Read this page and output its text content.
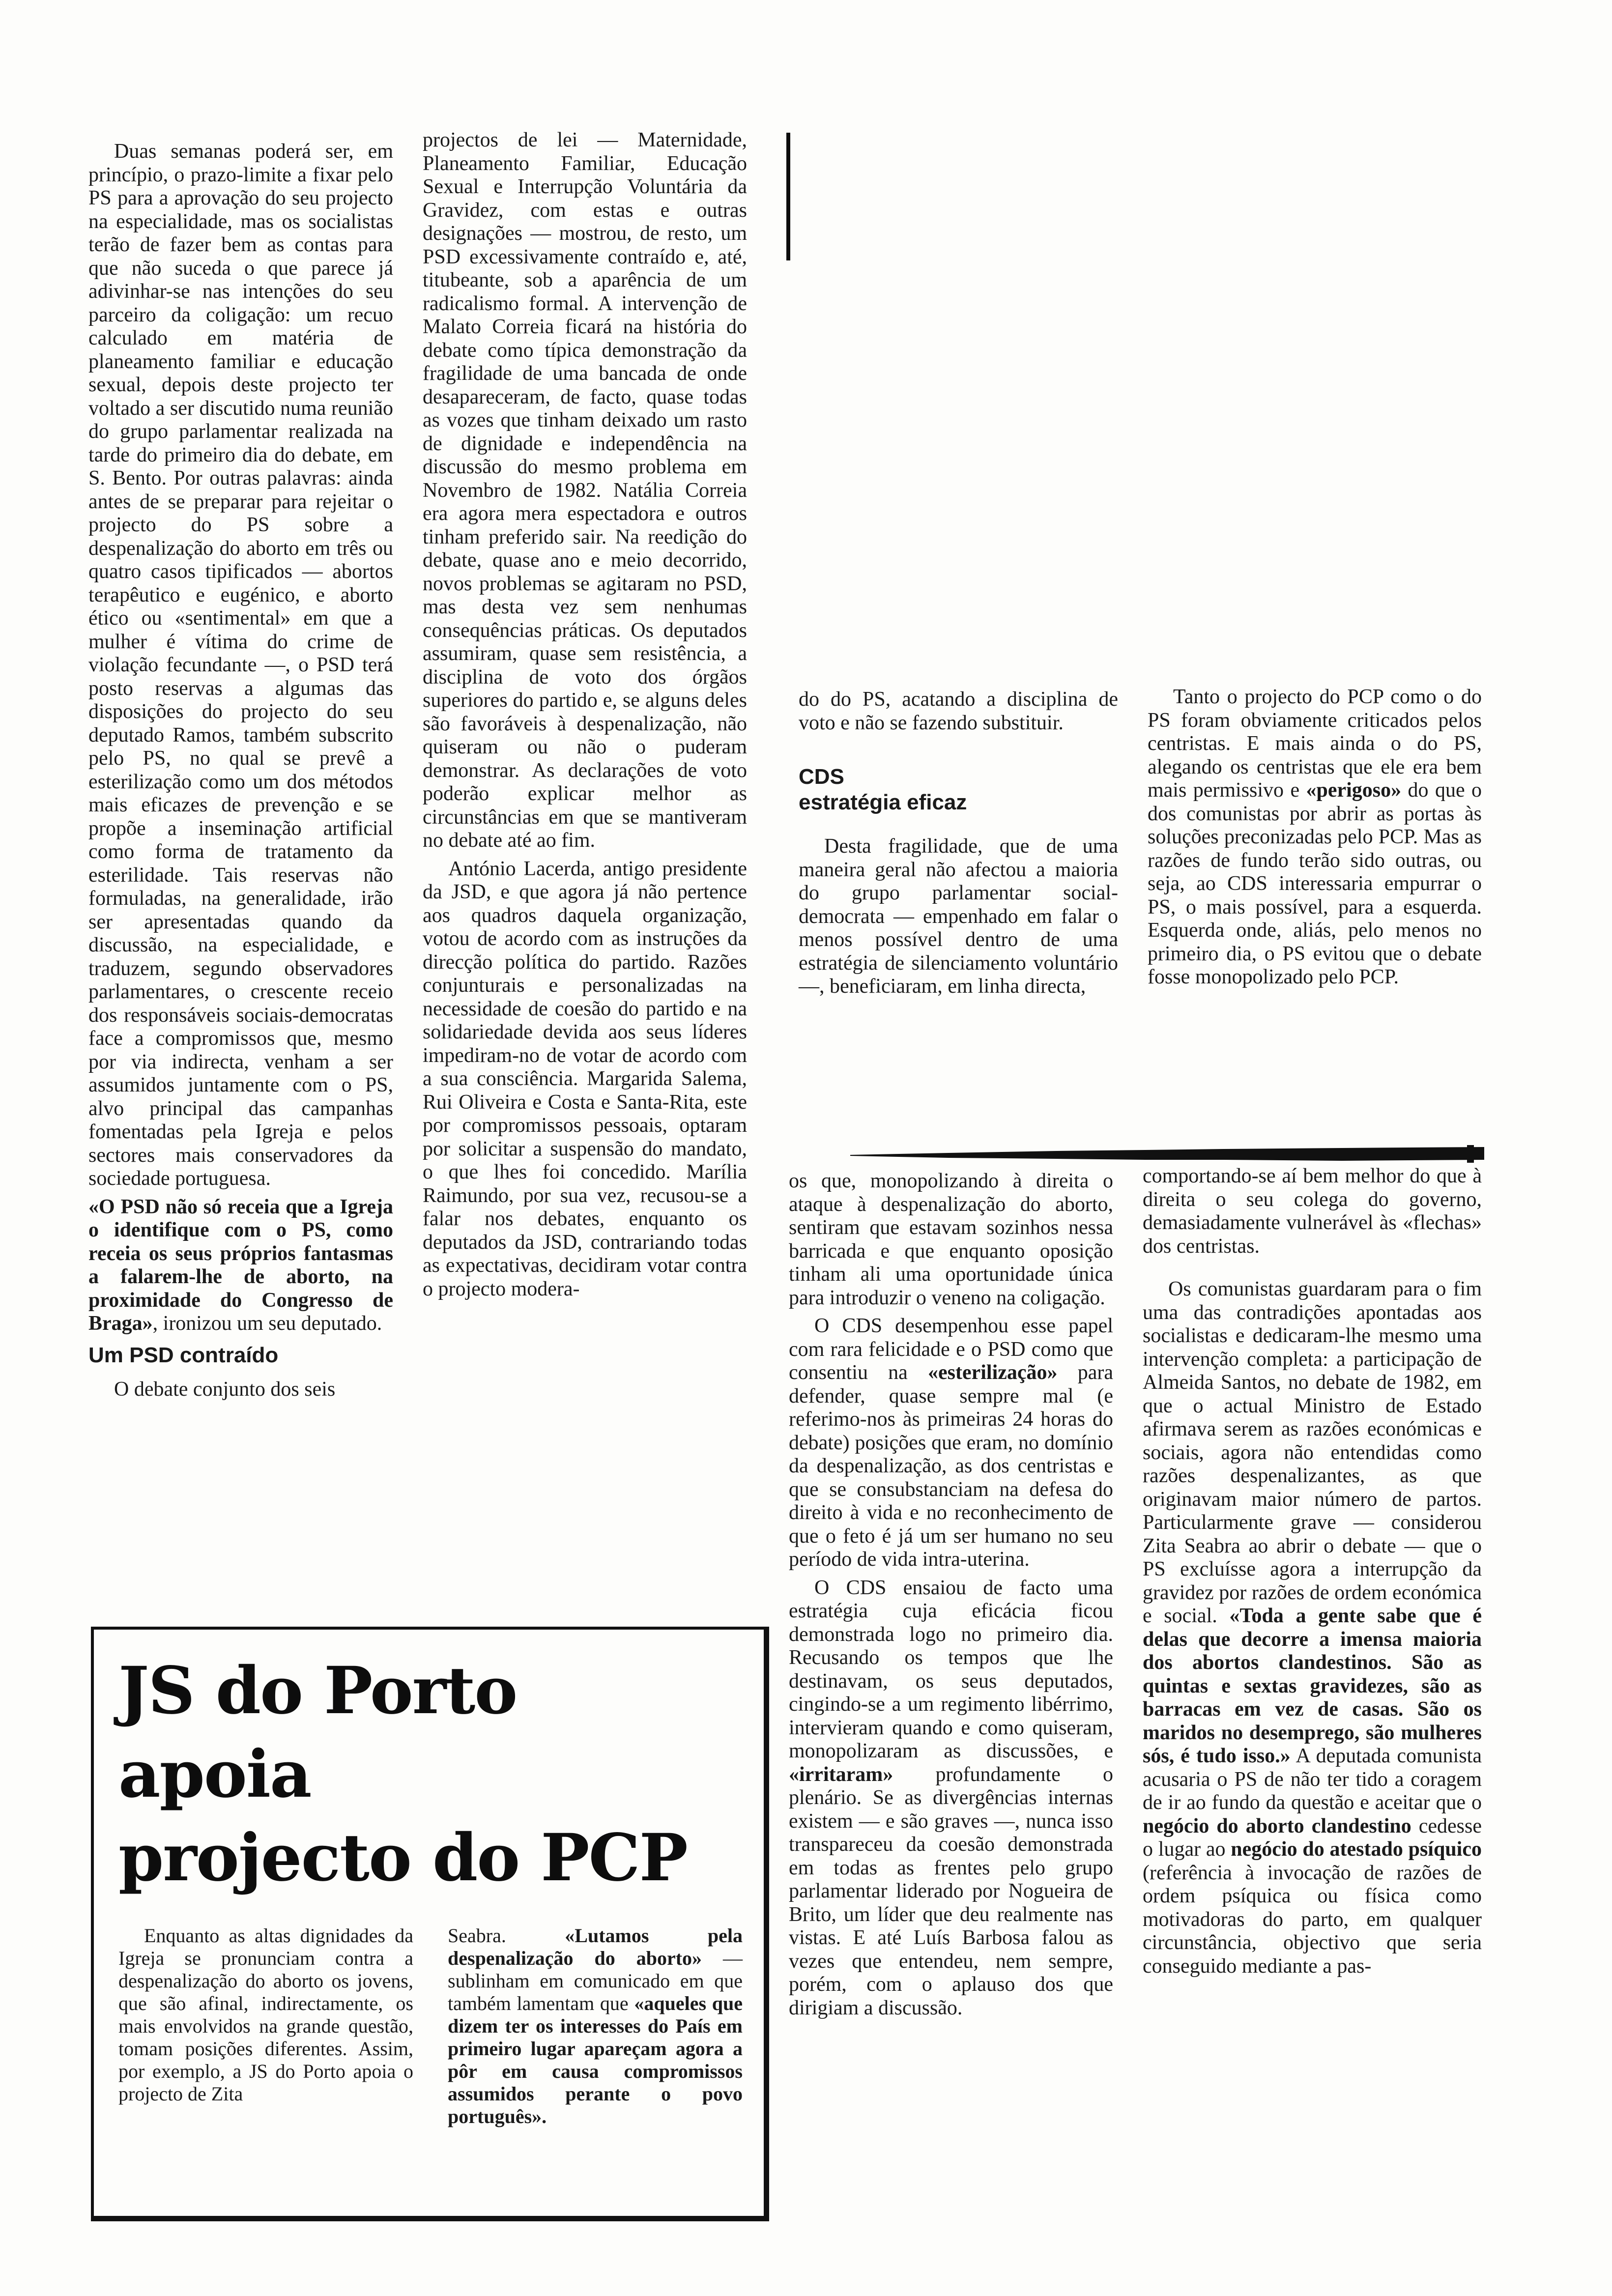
Duas semanas poderá ser, em princípio, o prazo-limite a fixar pelo PS para a aprovação do seu projecto na especialidade, mas os socialistas terão de fazer bem as contas para que não suceda o que parece já adivinhar-se nas intenções do seu parceiro da coligação: um recuo calculado em matéria de planeamento familiar e educação sexual, depois deste projecto ter voltado a ser discutido numa reunião do grupo parlamentar realizada na tarde do primeiro dia do debate, em S. Bento. Por outras palavras: ainda antes de se preparar para rejeitar o projecto do PS sobre a despenalização do aborto em três ou quatro casos tipificados — abortos terapêutico e eugénico, e aborto ético ou «sentimental» em que a mulher é vítima do crime de violação fecundante —, o PSD terá posto reservas a algumas das disposições do projecto do seu deputado Ramos, também subscrito pelo PS, no qual se prevê a esterilização como um dos métodos mais eficazes de prevenção e se propõe a inseminação artificial como forma de tratamento da esterilidade. Tais reservas não formuladas, na generalidade, irão ser apresentadas quando da discussão, na especialidade, e traduzem, segundo observadores parlamentares, o crescente receio dos responsáveis sociais-democratas face a compromissos que, mesmo por via indirecta, venham a ser assumidos juntamente com o PS, alvo principal das campanhas fomentadas pela Igreja e pelos sectores mais conservadores da sociedade portuguesa.

«O PSD não só receia que a Igreja o identifique com o PS, como receia os seus próprios fantasmas a falarem-lhe de aborto, na proximidade do Congresso de Braga», ironizou um seu deputado.

Um PSD contraído

O debate conjunto dos seis

projectos de lei — Maternidade, Planeamento Familiar, Educação Sexual e Interrupção Voluntária da Gravidez, com estas e outras designações — mostrou, de resto, um PSD excessivamente contraído e, até, titubeante, sob a aparência de um radicalismo formal. A intervenção de Malato Correia ficará na história do debate como típica demonstração da fragilidade de uma bancada de onde desapareceram, de facto, quase todas as vozes que tinham deixado um rasto de dignidade e independência na discussão do mesmo problema em Novembro de 1982. Natália Correia era agora mera espectadora e outros tinham preferido sair. Na reedição do debate, quase ano e meio decorrido, novos problemas se agitaram no PSD, mas desta vez sem nenhumas consequências práticas. Os deputados assumiram, quase sem resistência, a disciplina de voto dos órgãos superiores do partido e, se alguns deles são favoráveis à despenalização, não quiseram ou não o puderam demonstrar. As declarações de voto poderão explicar melhor as circunstâncias em que se mantiveram no debate até ao fim.

António Lacerda, antigo presidente da JSD, e que agora já não pertence aos quadros daquela organização, votou de acordo com as instruções da direcção política do partido. Razões conjunturais e personalizadas na necessidade de coesão do partido e na solidariedade devida aos seus líderes impediram-no de votar de acordo com a sua consciência. Margarida Salema, Rui Oliveira e Costa e Santa-Rita, este por compromissos pessoais, optaram por solicitar a suspensão do mandato, o que lhes foi concedido. Marília Raimundo, por sua vez, recusou-se a falar nos debates, enquanto os deputados da JSD, contrariando todas as expectativas, decidiram votar contra o projecto modera-

do do PS, acatando a disciplina de voto e não se fazendo substituir.

CDS
estratégia eficaz

Desta fragilidade, que de uma maneira geral não afectou a maioria do grupo parlamentar social-democrata — empenhado em falar o menos possível dentro de uma estratégia de silenciamento voluntário —, beneficiaram, em linha directa,

Tanto o projecto do PCP como o do PS foram obviamente criticados pelos centristas. E mais ainda o do PS, alegando os centristas que ele era bem mais permissivo e «perigoso» do que o dos comunistas por abrir as portas às soluções preconizadas pelo PCP. Mas as razões de fundo terão sido outras, ou seja, ao CDS interessaria empurrar o PS, o mais possível, para a esquerda. Esquerda onde, aliás, pelo menos no primeiro dia, o PS evitou que o debate fosse monopolizado pelo PCP.

os que, monopolizando à direita o ataque à despenalização do aborto, sentiram que estavam sozinhos nessa barricada e que enquanto oposição tinham ali uma oportunidade única para introduzir o veneno na coligação.

O CDS desempenhou esse papel com rara felicidade e o PSD como que consentiu na «esterilização» para defender, quase sempre mal (e referimo-nos às primeiras 24 horas do debate) posições que eram, no domínio da despenalização, as dos centristas e que se consubstanciam na defesa do direito à vida e no reconhecimento de que o feto é já um ser humano no seu período de vida intra-uterina.

O CDS ensaiou de facto uma estratégia cuja eficácia ficou demonstrada logo no primeiro dia. Recusando os tempos que lhe destinavam, os seus deputados, cingindo-se a um regimento libérrimo, intervieram quando e como quiseram, monopolizaram as discussões, e «irritaram» profundamente o plenário. Se as divergências internas existem — e são graves —, nunca isso transpareceu da coesão demonstrada em todas as frentes pelo grupo parlamentar liderado por Nogueira de Brito, um líder que deu realmente nas vistas. E até Luís Barbosa falou as vezes que entendeu, nem sempre, porém, com o aplauso dos que dirigiam a discussão.

comportando-se aí bem melhor do que à direita o seu colega do governo, demasiadamente vulnerável às «flechas» dos centristas.

Os comunistas guardaram para o fim uma das contradições apontadas aos socialistas e dedicaram-lhe mesmo uma intervenção completa: a participação de Almeida Santos, no debate de 1982, em que o actual Ministro de Estado afirmava serem as razões económicas e sociais, agora não entendidas como razões despenalizantes, as que originavam maior número de partos. Particularmente grave — considerou Zita Seabra ao abrir o debate — que o PS excluísse agora a interrupção da gravidez por razões de ordem económica e social. «Toda a gente sabe que é delas que decorre a imensa maioria dos abortos clandestinos. São as quintas e sextas gravidezes, são as barracas em vez de casas. São os maridos no desemprego, são mulheres sós, é tudo isso.» A deputada comunista acusaria o PS de não ter tido a coragem de ir ao fundo da questão e aceitar que o negócio do aborto clandestino cedesse o lugar ao negócio do atestado psíquico (referência à invocação de razões de ordem psíquica ou física como motivadoras do parto, em qualquer circunstância, objectivo que seria conseguido mediante a pas-

JS do Porto
apoia
projecto do PCP

Enquanto as altas dignidades da Igreja se pronunciam contra a despenalização do aborto os jovens, que são afinal, indirectamente, os mais envolvidos na grande questão, tomam posições diferentes. Assim, por exemplo, a JS do Porto apoia o projecto de Zita

Seabra. «Lutamos pela despenalização do aborto» — sublinham em comunicado em que também lamentam que «aqueles que dizem ter os interesses do País em primeiro lugar apareçam agora a pôr em causa compromissos assumidos perante o povo português».
